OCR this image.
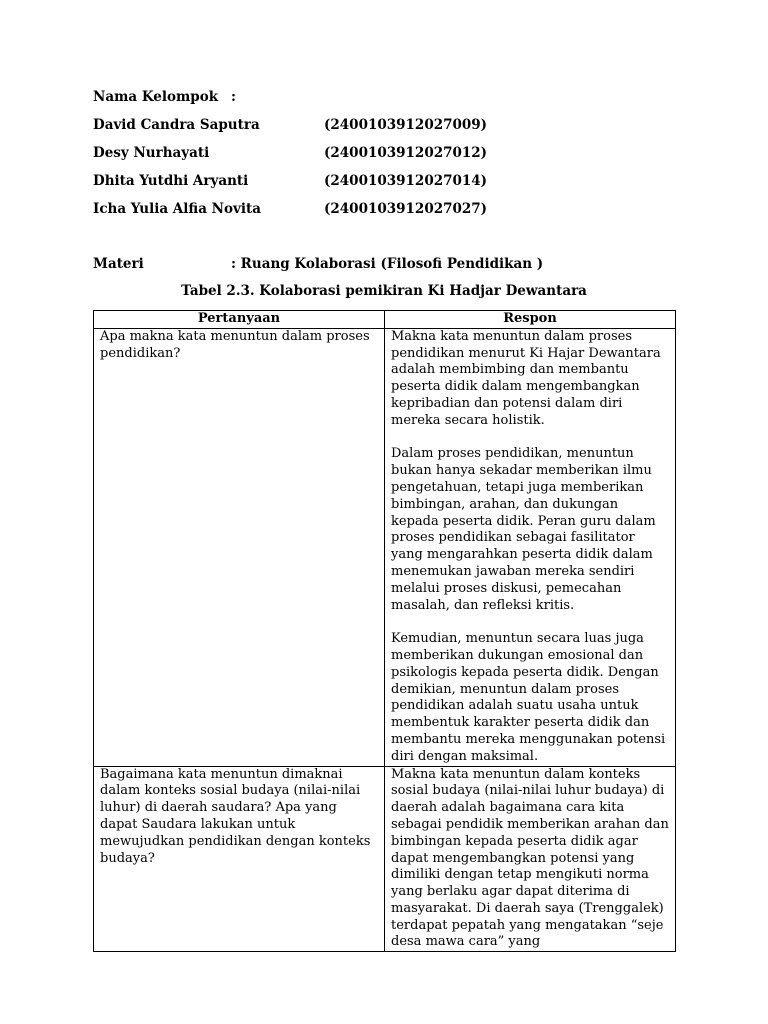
Nama Kelompok :
David Candra Saputra	(2400103912027009)
Desy Nurhayati	(2400103912027012)
Dhita Yutdhi Aryanti	(2400103912027014)
Icha Yulia Alfia Novita	(2400103912027027)
Materi	: Ruang Kolaborasi (Filosofi Pendidikan )
Tabel 2.3. Kolaborasi pemikiran Ki Hadjar Dewantara
Pertanyaan	Respon

Apa makna kata menuntun dalam proses pendidikan?	Makna kata menuntun dalam proses pendidikan menurut Ki Hajar Dewantara adalah membimbing dan membantu peserta didik dalam mengembangkan kepribadian dan potensi dalam diri mereka secara holistik.

Dalam proses pendidikan, menuntun bukan hanya sekadar memberikan ilmu pengetahuan, tetapi juga memberikan bimbingan, arahan, dan dukungan kepada peserta didik. Peran guru dalam proses pendidikan sebagai fasilitator yang mengarahkan peserta didik dalam menemukan jawaban mereka sendiri melalui proses diskusi, pemecahan masalah, dan refleksi kritis.

Kemudian, menuntun secara luas juga memberikan dukungan emosional dan psikologis kepada peserta didik. Dengan demikian, menuntun dalam proses pendidikan adalah suatu usaha untuk membentuk karakter peserta didik dan membantu mereka menggunakan potensi diri dengan maksimal.

Bagaimana kata menuntun dimaknai dalam konteks sosial budaya (nilai-nilai luhur) di daerah saudara? Apa yang dapat Saudara lakukan untuk mewujudkan pendidikan dengan konteks budaya?	Makna kata menuntun dalam konteks sosial budaya (nilai-nilai luhur budaya) di daerah adalah bagaimana cara kita sebagai pendidik memberikan arahan dan bimbingan kepada peserta didik agar dapat mengembangkan potensi yang dimiliki dengan tetap mengikuti norma yang berlaku agar dapat diterima di masyarakat. Di daerah saya (Trenggalek) terdapat pepatah yang mengatakan “seje desa mawa cara” yang
